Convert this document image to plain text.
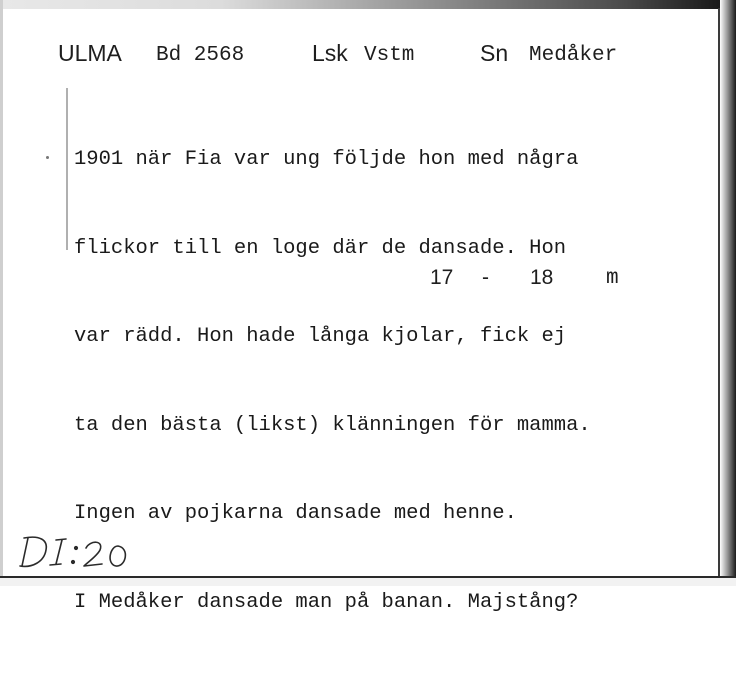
ULMA Bd 2568	Lsk Vstm	Sn Medåker

1901 när Fia var ung följde hon med några

flickor till en loge där de dansade. Hon

var rädd. Hon hade långa kjolar, fick ej

ta den bästa (likst) klänningen för mamma.

Ingen av pojkarna dansade med henne.

I Medåker dansade man på banan. Majstång?

17 - 18	m
